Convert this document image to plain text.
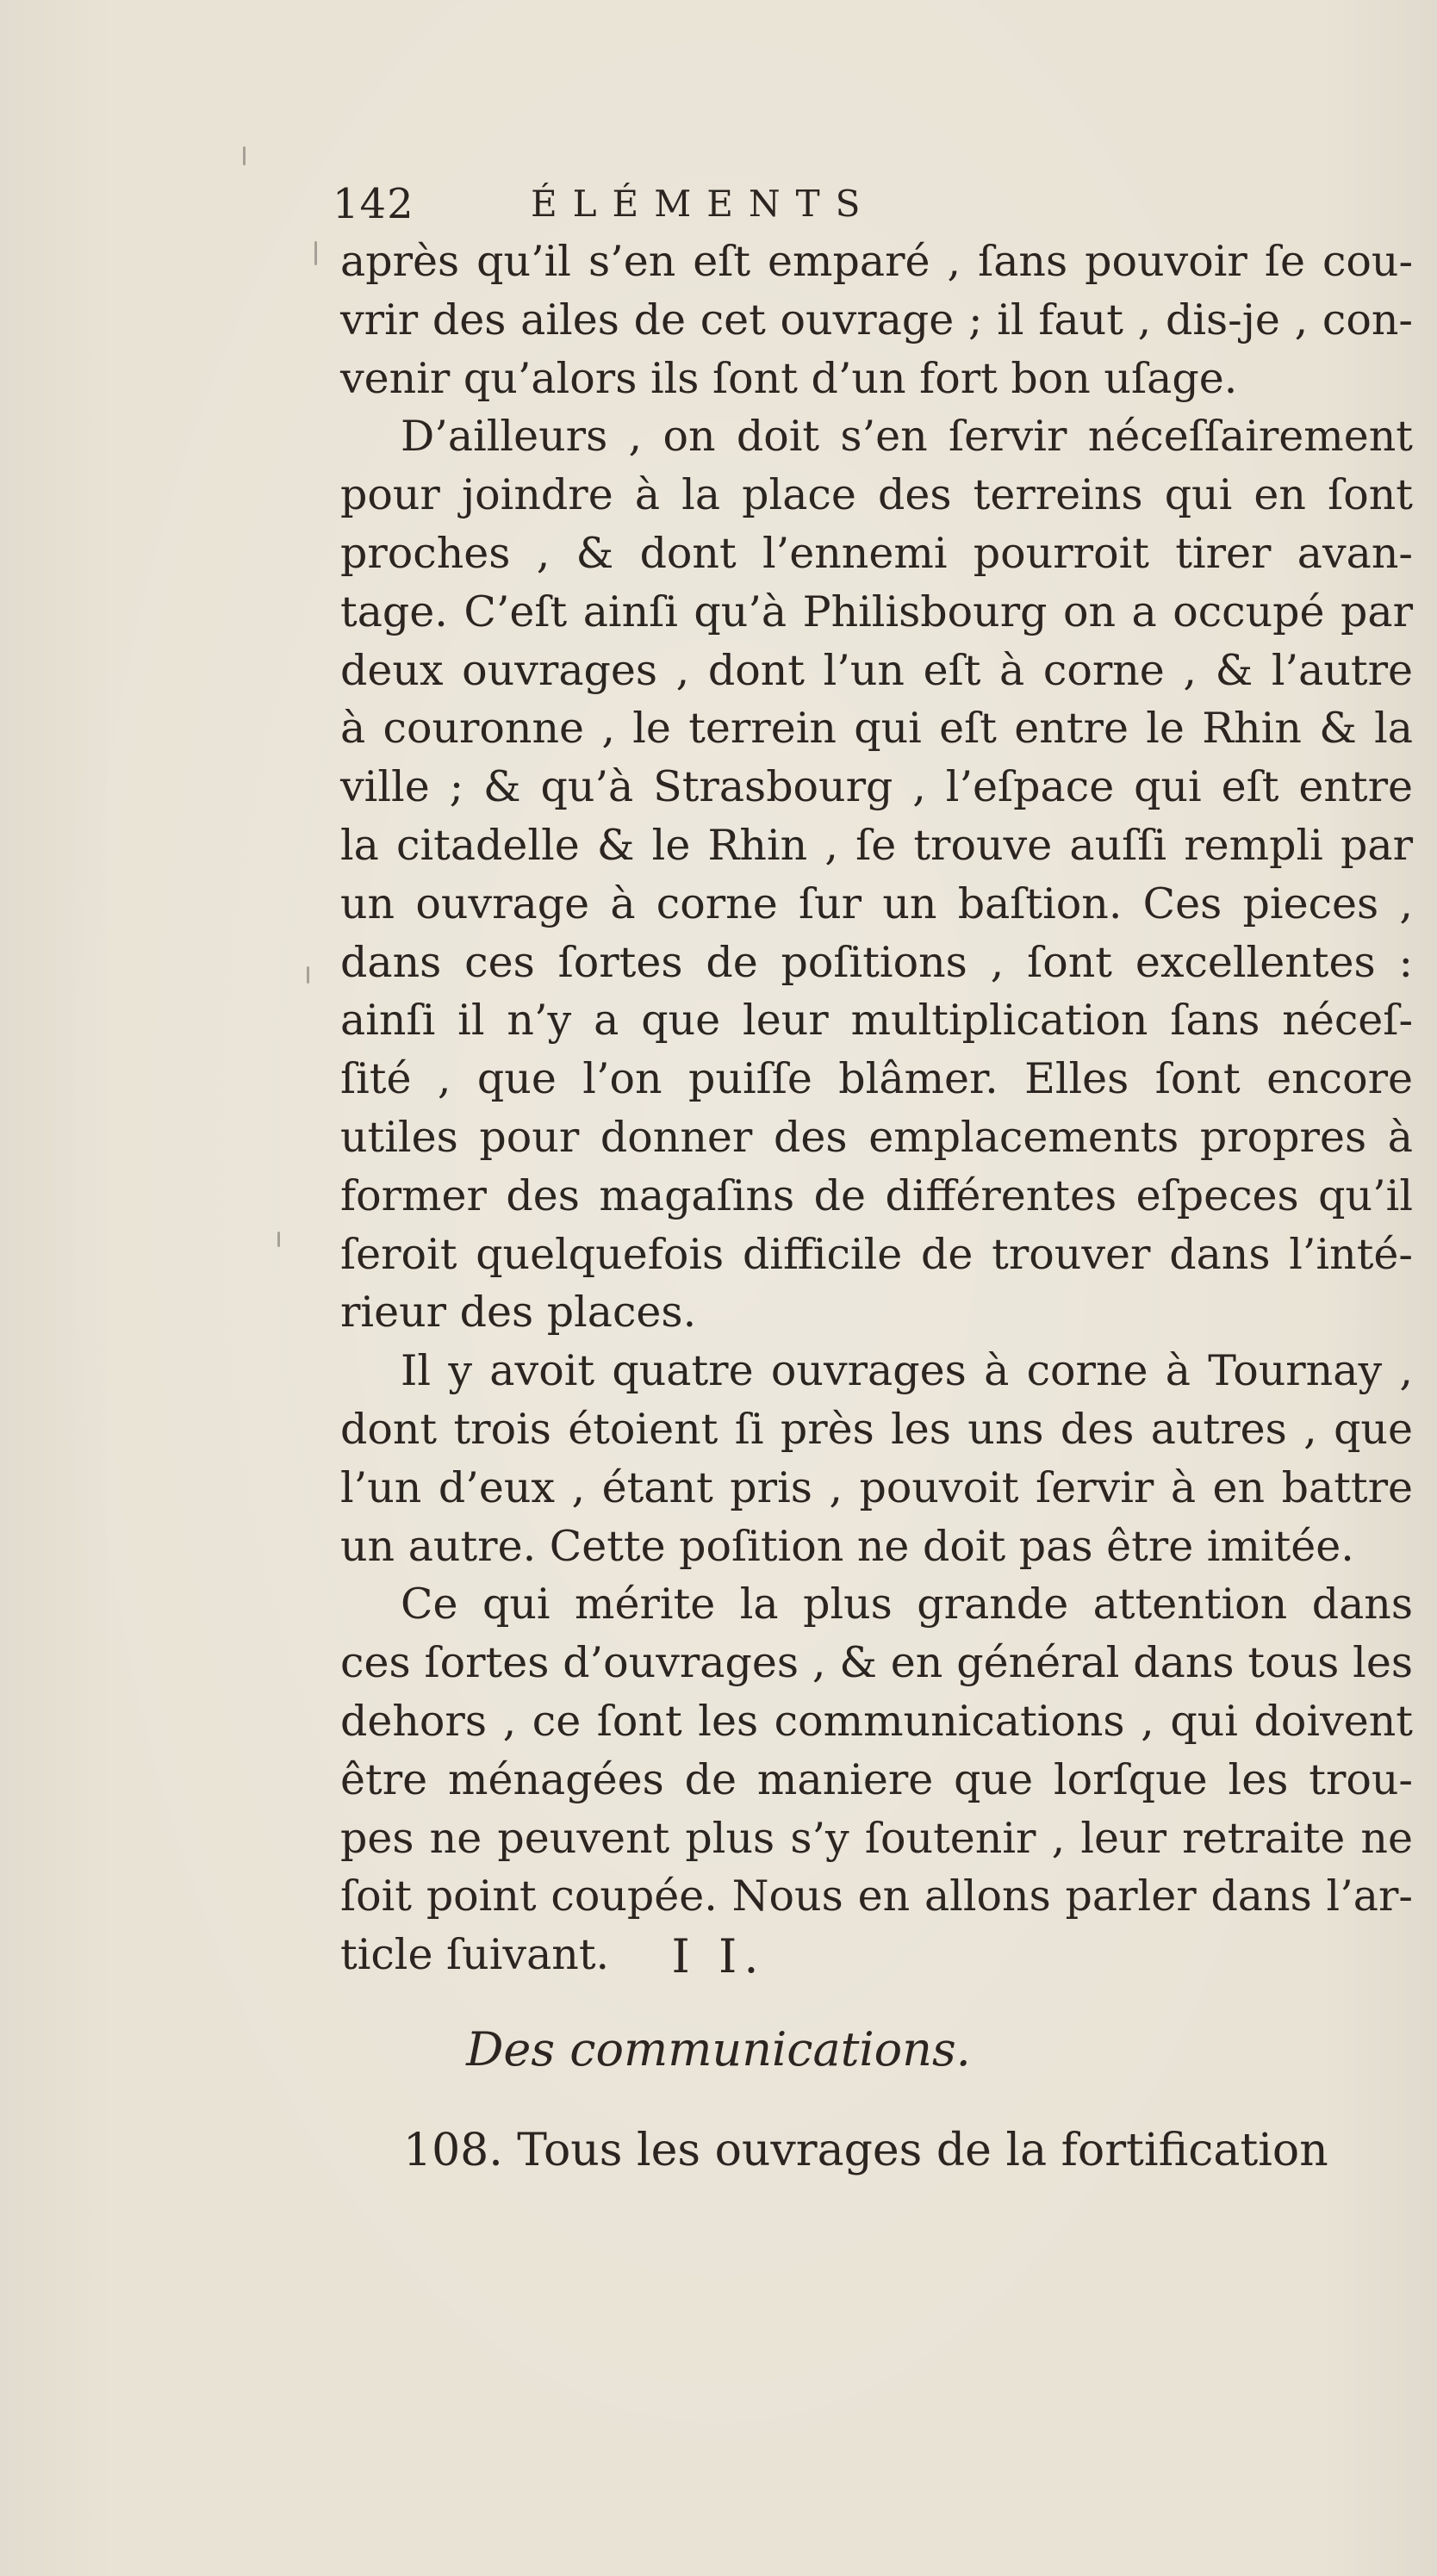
142	ÉLÉMENTS
après qu’il s’en eſt emparé , ſans pouvoir ſe cou-
vrir des ailes de cet ouvrage ; il faut , dis-je , con-
venir qu’alors ils ſont d’un fort bon uſage.
D’ailleurs , on doit s’en ſervir néceſſairement
pour joindre à la place des terreins qui en ſont
proches , & dont l’ennemi pourroit tirer avan-
tage. C’eſt ainſi qu’à Philisbourg on a occupé par
deux ouvrages , dont l’un eſt à corne , & l’autre
à couronne , le terrein qui eſt entre le Rhin & la
ville ; & qu’à Strasbourg , l’eſpace qui eſt entre
la citadelle & le Rhin , ſe trouve auſſi rempli par
un ouvrage à corne ſur un baſtion. Ces pieces ,
dans ces ſortes de poſitions , ſont excellentes :
ainſi il n’y a que leur multiplication ſans néceſ-
ſité , que l’on puiſſe blâmer. Elles ſont encore
utiles pour donner des emplacements propres à
former des magaſins de différentes eſpeces qu’il
ſeroit quelquefois difficile de trouver dans l’inté-
rieur des places.
Il y avoit quatre ouvrages à corne à Tournay ,
dont trois étoient ſi près les uns des autres , que
l’un d’eux , étant pris , pouvoit ſervir à en battre
un autre. Cette poſition ne doit pas être imitée.
Ce qui mérite la plus grande attention dans
ces ſortes d’ouvrages , & en général dans tous les
dehors , ce ſont les communications , qui doivent
être ménagées de maniere que lorſque les trou-
pes ne peuvent plus s’y ſoutenir , leur retraite ne
ſoit point coupée. Nous en allons parler dans l’ar-
ticle ſuivant.	I I.
Des communications.
108. Tous les ouvrages de la fortification
